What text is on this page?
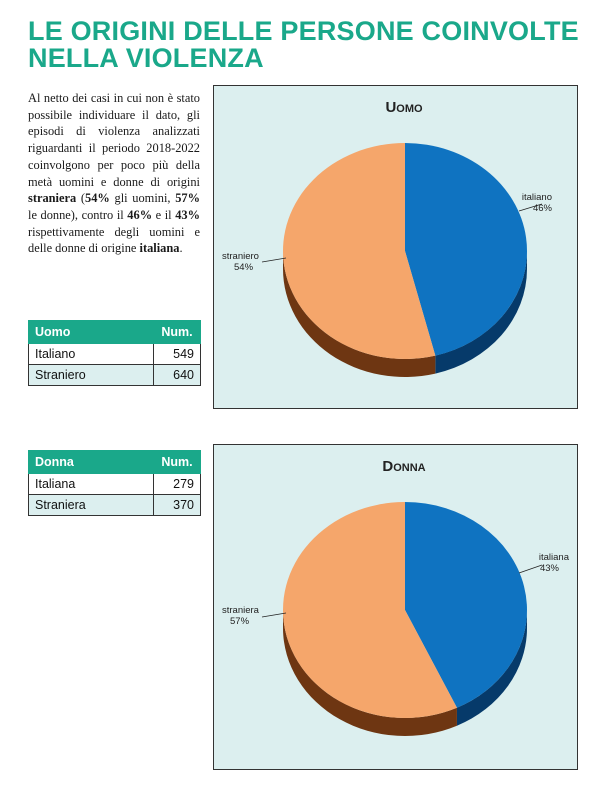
LE ORIGINI DELLE PERSONE COINVOLTE
NELLA VIOLENZA

Al netto dei casi in cui non è stato possibile individuare il dato, gli episodi di violenza analizzati riguardanti il periodo 2018-2022 coinvolgono per poco più della metà uomini e donne di origini straniera (54% gli uomini, 57% le donne), contro il 46% e il 43% rispettivamente degli uomini e delle donne di origine italiana.

Uomo	Num.
Italiano	549
Straniero	640
Donna	Num.
Italiana	279
Straniera	370
UOMO
italiano
46%
straniero
54%
DONNA
italiana
43%
straniera
57%
